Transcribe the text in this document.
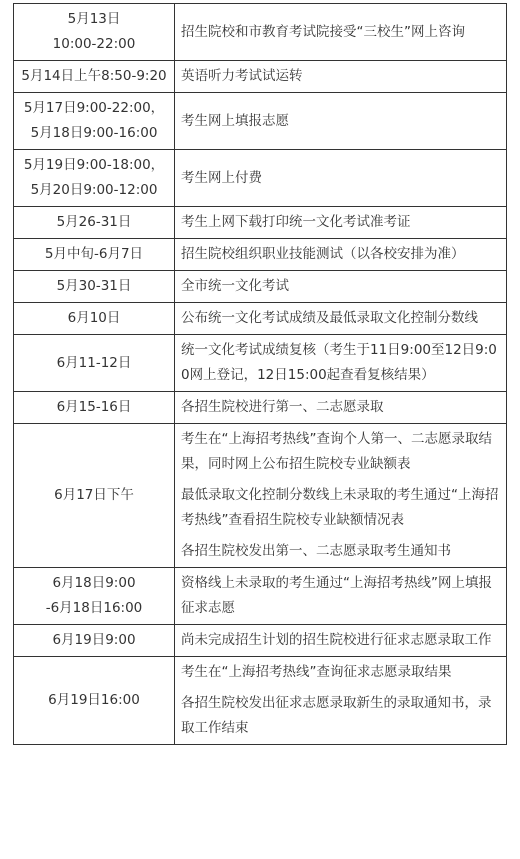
5月13日
10:00-22:00	招生院校和市教育考试院接受“三校生”网上咨询

5月14日上午8:50-9:20	英语听力考试试运转

5月17日9:00-22:00，
5月18日9:00-16:00	考生网上填报志愿

5月19日9:00-18:00，
5月20日9:00-12:00	考生网上付费

5月26-31日	考生上网下载打印统一文化考试准考证

5月中旬-6月7日	招生院校组织职业技能测试（以各校安排为准）

5月30-31日	全市统一文化考试

6月10日	公布统一文化考试成绩及最低录取文化控制分数线

6月11-12日	统一文化考试成绩复核（考生于11日9:00至12日9:00网上登记，12日15:00起查看复核结果）

6月15-16日	各招生院校进行第一、二志愿录取

6月17日下午	考生在“上海招考热线”查询个人第一、二志愿录取结果，同时网上公布招生院校专业缺额表

最低录取文化控制分数线上未录取的考生通过“上海招考热线”查看招生院校专业缺额情况表

各招生院校发出第一、二志愿录取考生通知书

6月18日9:00
-6月18日16:00	资格线上未录取的考生通过“上海招考热线”网上填报征求志愿

6月19日9:00	尚未完成招生计划的招生院校进行征求志愿录取工作

6月19日16:00	考生在“上海招考热线”查询征求志愿录取结果

各招生院校发出征求志愿录取新生的录取通知书，录取工作结束
